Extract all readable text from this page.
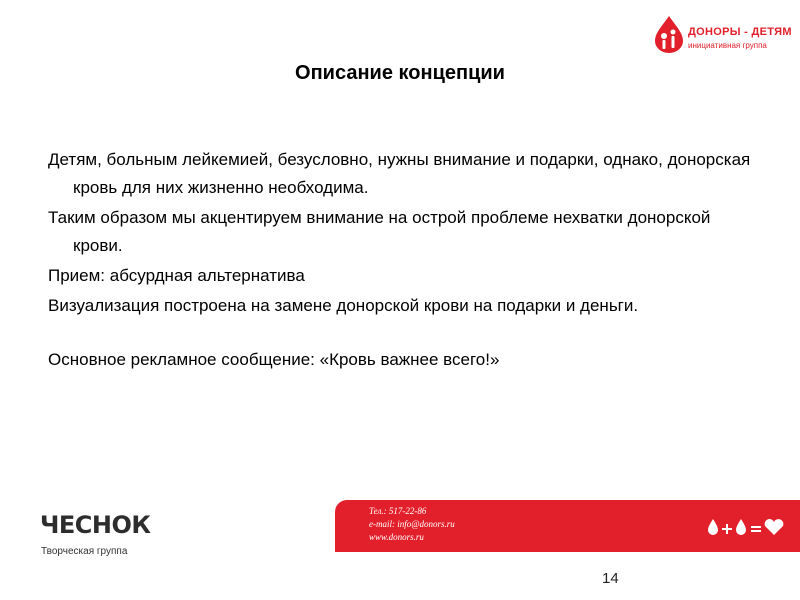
ДОНОРЫ - ДЕТЯМ
инициативная группа
Описание концепции

Детям, больным лейкемией, безусловно, нужны внимание и подарки, однако, донорская кровь для них жизненно необходима.

Таким образом мы акцентируем внимание на острой проблеме нехватки донорской крови.

Прием: абсурдная альтернатива

Визуализация построена на замене донорской крови на подарки и деньги.

Основное рекламное сообщение: «Кровь важнее всего!»

ЧЕСНОК
Творческая группа
Тел.: 517-22-86
e-mail: info@donors.ru
www.donors.ru
14
